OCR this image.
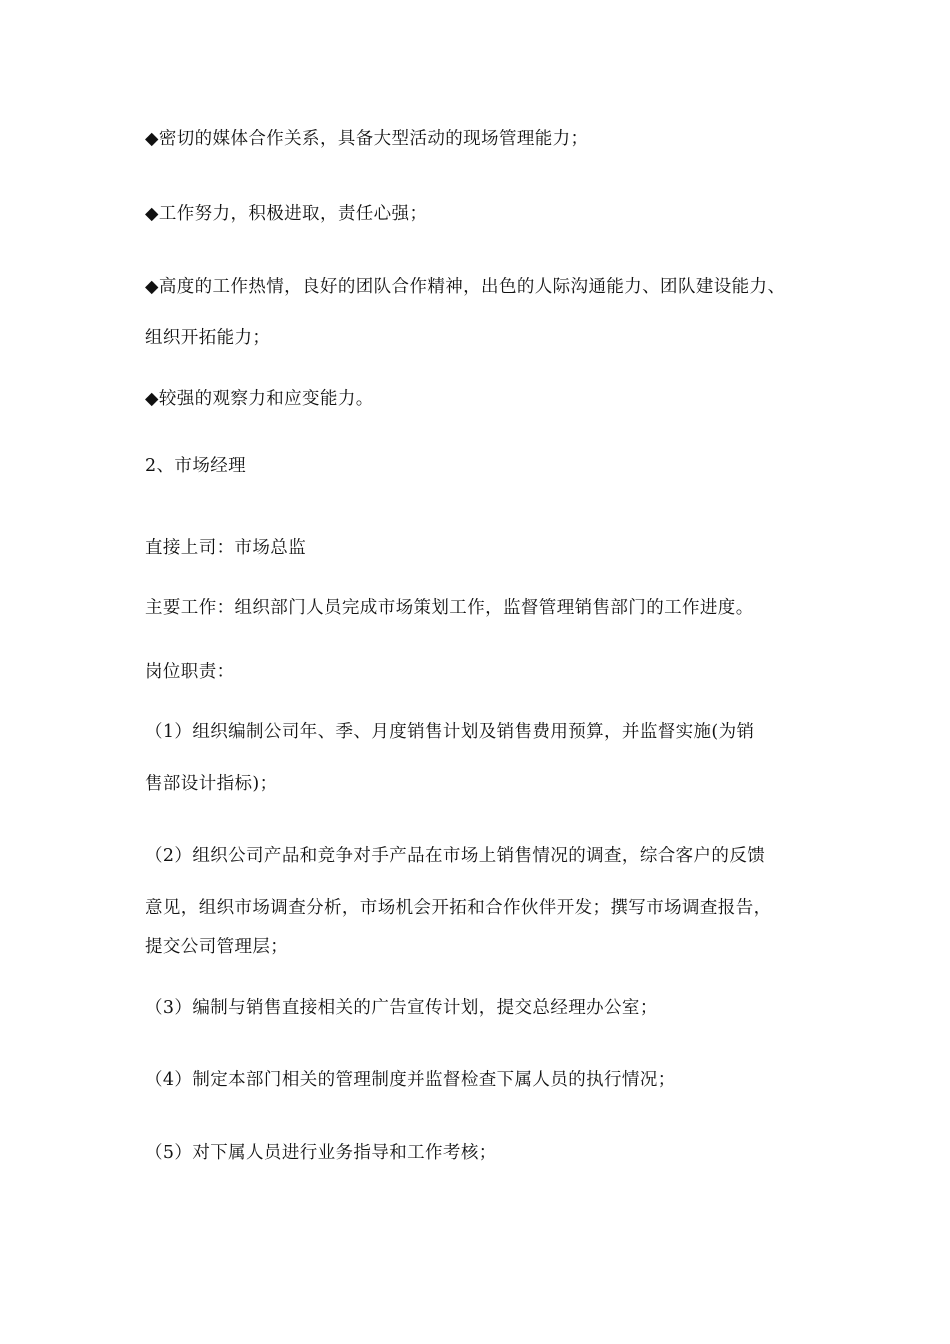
◆密切的媒体合作关系，具备大型活动的现场管理能力；

◆工作努力，积极进取，责任心强；

◆高度的工作热情，良好的团队合作精神，出色的人际沟通能力、团队建设能力、

组织开拓能力；

◆较强的观察力和应变能力。

2、市场经理

直接上司：市场总监

主要工作：组织部门人员完成市场策划工作，监督管理销售部门的工作进度。

岗位职责：

（1）组织编制公司年、季、月度销售计划及销售费用预算，并监督实施(为销

售部设计指标)；

（2）组织公司产品和竞争对手产品在市场上销售情况的调查，综合客户的反馈

意见，组织市场调查分析，市场机会开拓和合作伙伴开发；撰写市场调查报告，

提交公司管理层；

（3）编制与销售直接相关的广告宣传计划，提交总经理办公室；

（4）制定本部门相关的管理制度并监督检查下属人员的执行情况；

（5）对下属人员进行业务指导和工作考核；
